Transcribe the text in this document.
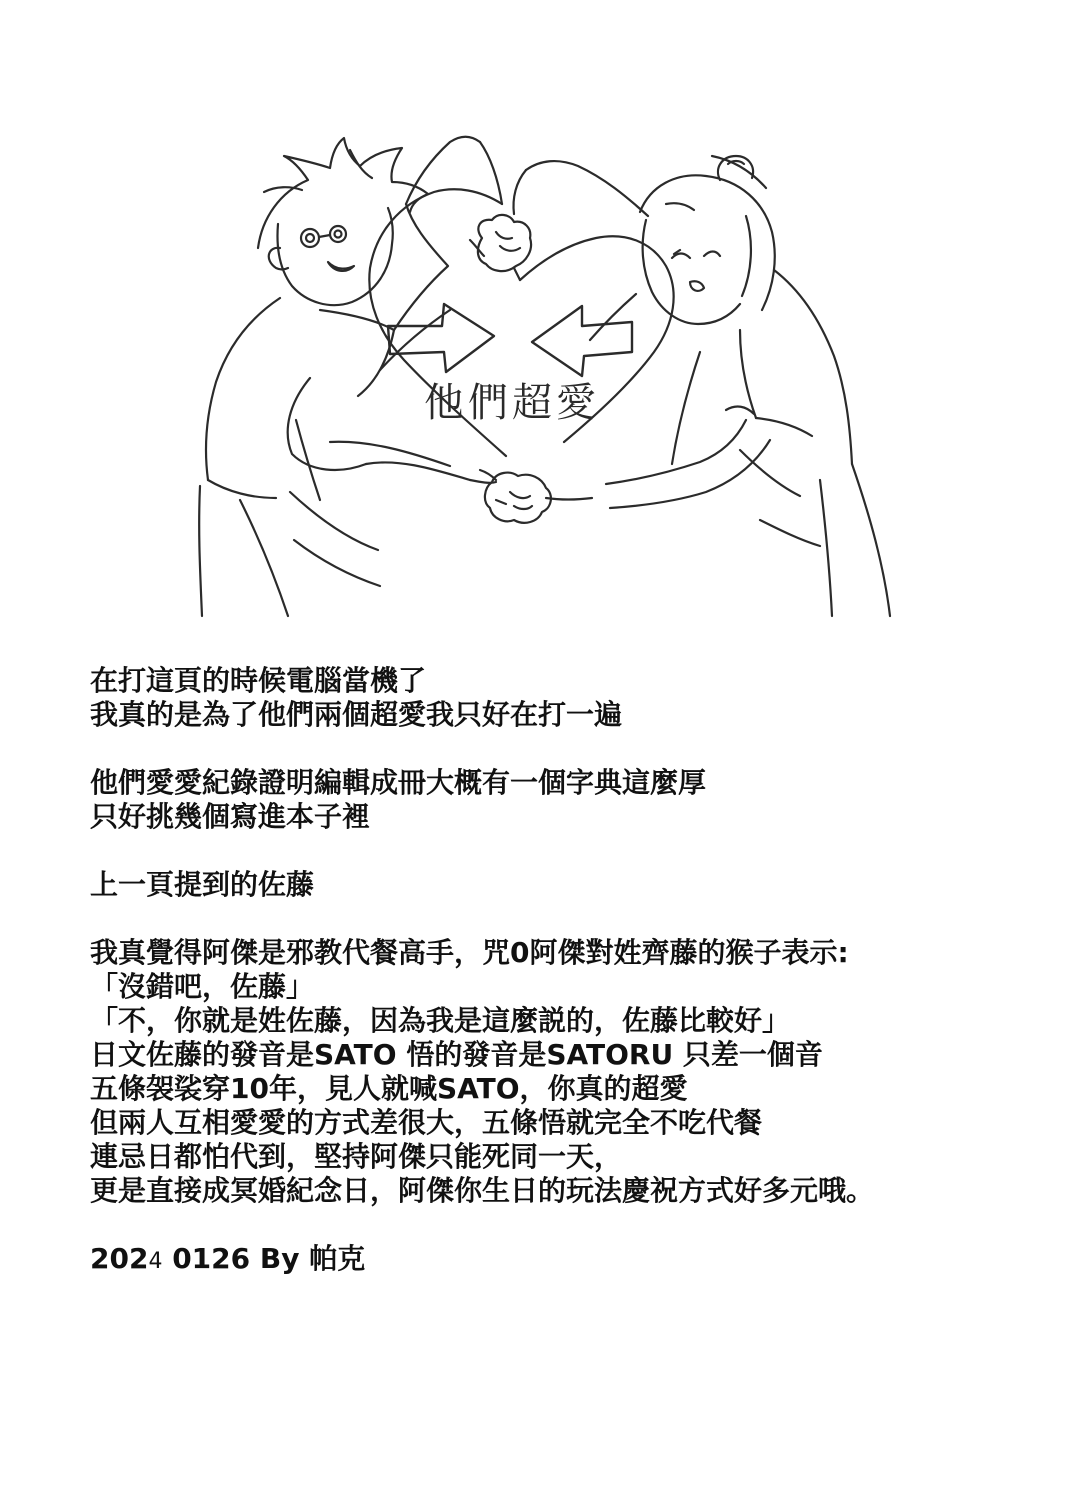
他們超愛
在打這頁的時候電腦當機了
我真的是為了他們兩個超愛我只好在打一遍
他們愛愛紀錄證明編輯成冊大概有一個字典這麼厚
只好挑幾個寫進本子裡
上一頁提到的佐藤
我真覺得阿傑是邪教代餐高手，咒0阿傑對姓齊藤的猴子表示:
「沒錯吧，佐藤」
「不，你就是姓佐藤，因為我是這麼説的，佐藤比較好」
日文佐藤的發音是SATO 悟的發音是SATORU 只差一個音
五條袈裟穿10年，見人就喊SATO，你真的超愛
但兩人互相愛愛的方式差很大，五條悟就完全不吃代餐
連忌日都怕代到，堅持阿傑只能死同一天，
更是直接成冥婚紀念日，阿傑你生日的玩法慶祝方式好多元哦。
2024 0126 By 帕克
